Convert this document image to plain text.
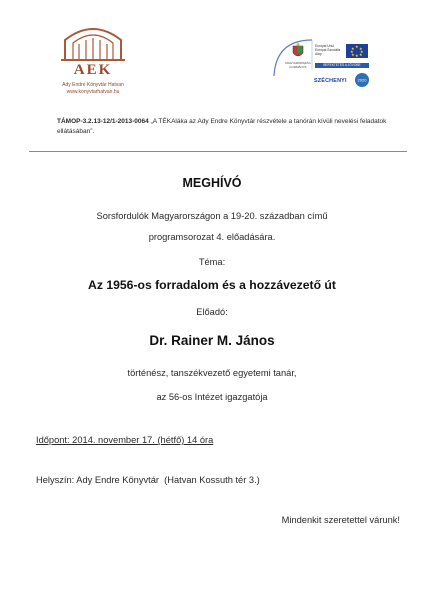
AEK
Ady Endre Könyvtár Hatvan
www.konyvtarhatvan.hu
MAGYARORSZÁG
KORMÁNYA
Európai Unió
Európai Szociális
Alap
★ ★
★
★
★
★
★
★
BEFEKTETÉS A JÖVŐBE
SZÉCHENYI	2020
TÁMOP-3.2.13-12/1-2013-0064 „A TÉKAláka az Ady Endre Könyvtár részvétele a tanórán kívüli nevelési feladatok ellátásában”.
MEGHÍVÓ
Sorsfordulók Magyarországon a 19-20. században című
programsorozat 4. előadására.
Téma:
Az 1956-os forradalom és a hozzávezető út
Előadó:
Dr. Rainer M. János
történész, tanszékvezető egyetemi tanár,
az 56-os Intézet igazgatója
Időpont: 2014. november 17. (hétfő) 14 óra
Helyszín: Ady Endre Könyvtár  (Hatvan Kossuth tér 3.)
Mindenkit szeretettel várunk!
